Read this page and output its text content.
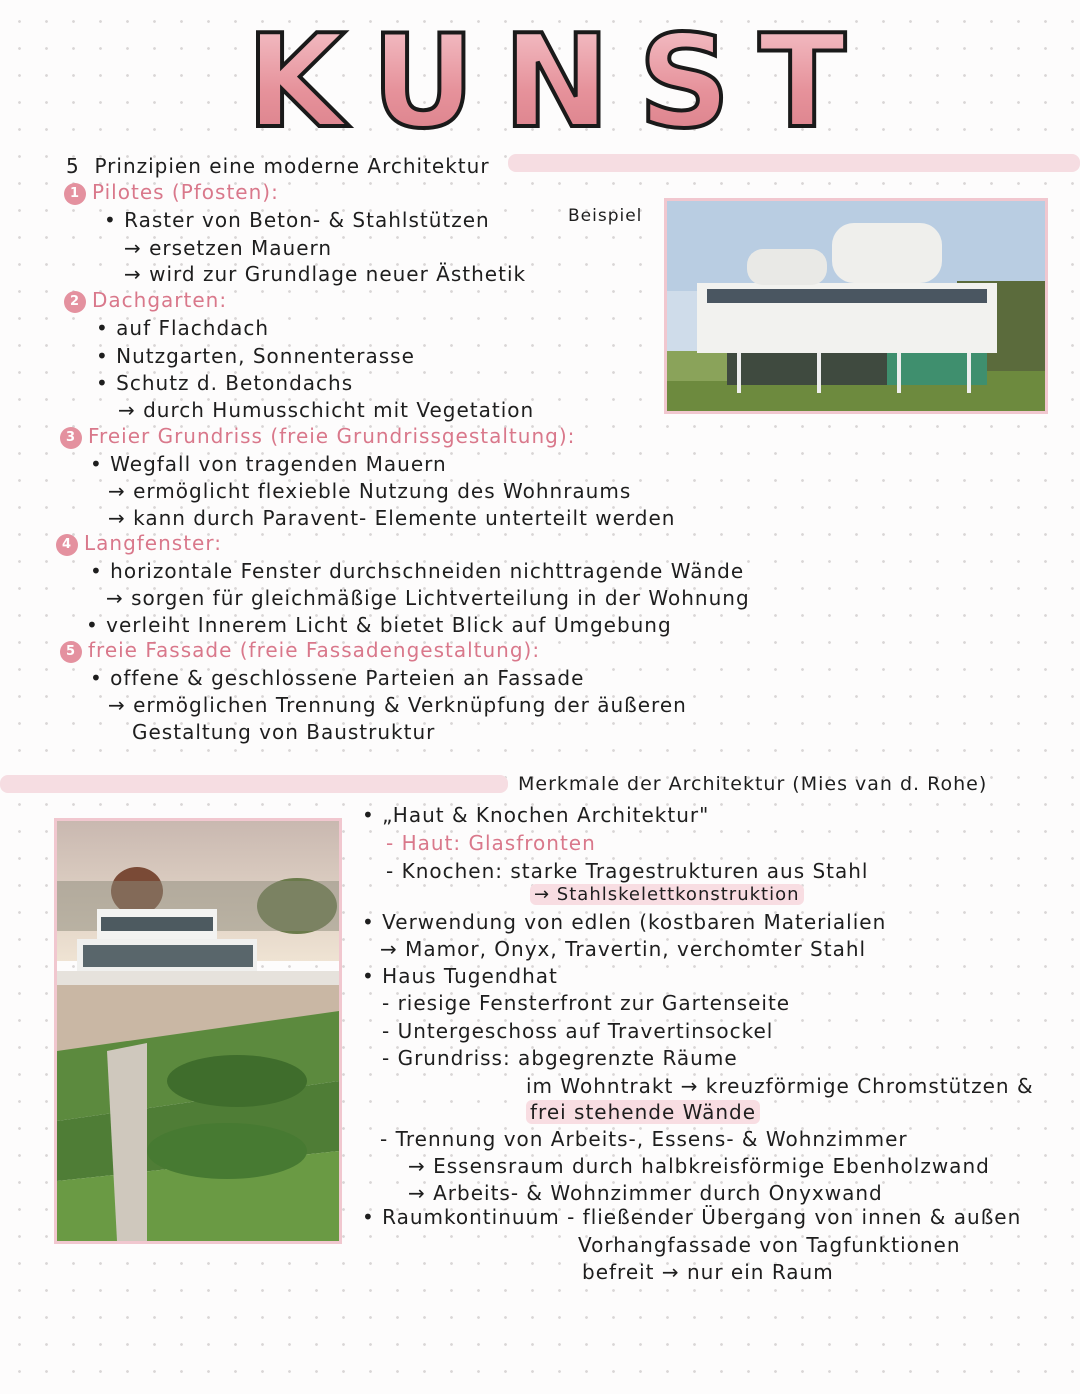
KUNST
5 Prinzipien eine moderne Architektur
Beispiel
1 Pilotes (Pfosten):
• Raster von Beton- & Stahlstützen
→ ersetzen Mauern
→ wird zur Grundlage neuer Ästhetik
2 Dachgarten:
• auf Flachdach
• Nutzgarten, Sonnenterasse
• Schutz d. Betondachs
→ durch Humusschicht mit Vegetation
3 Freier Grundriss (freie Grundrissgestaltung):
• Wegfall von tragenden Mauern
→ ermöglicht flexieble Nutzung des Wohnraums
→ kann durch Paravent- Elemente unterteilt werden
4 Langfenster:
• horizontale Fenster durchschneiden nichttragende Wände
→ sorgen für gleichmäßige Lichtverteilung in der Wohnung
• verleiht Innerem Licht & bietet Blick auf Umgebung
5 freie Fassade (freie Fassadengestaltung):
• offene & geschlossene Parteien an Fassade
→ ermöglichen Trennung & Verknüpfung der äußeren
Gestaltung von Baustruktur
Merkmale der Architektur (Mies van d. Rohe)
• „Haut & Knochen Architektur"
- Haut: Glasfronten
- Knochen: starke Tragestrukturen aus Stahl
→ Stahlskelettkonstruktion
• Verwendung von edlen (kostbaren Materialien
→ Mamor, Onyx, Travertin, verchomter Stahl
• Haus Tugendhat
- riesige Fensterfront zur Gartenseite
- Untergeschoss auf Travertinsockel
- Grundriss: abgegrenzte Räume
im Wohntrakt → kreuzförmige Chromstützen &
frei stehende Wände
- Trennung von Arbeits-, Essens- & Wohnzimmer
→ Essensraum durch halbkreisförmige Ebenholzwand
→ Arbeits- & Wohnzimmer durch Onyxwand
• Raumkontinuum - fließender Übergang von innen & außen
Vorhangfassade von Tagfunktionen
befreit → nur ein Raum
